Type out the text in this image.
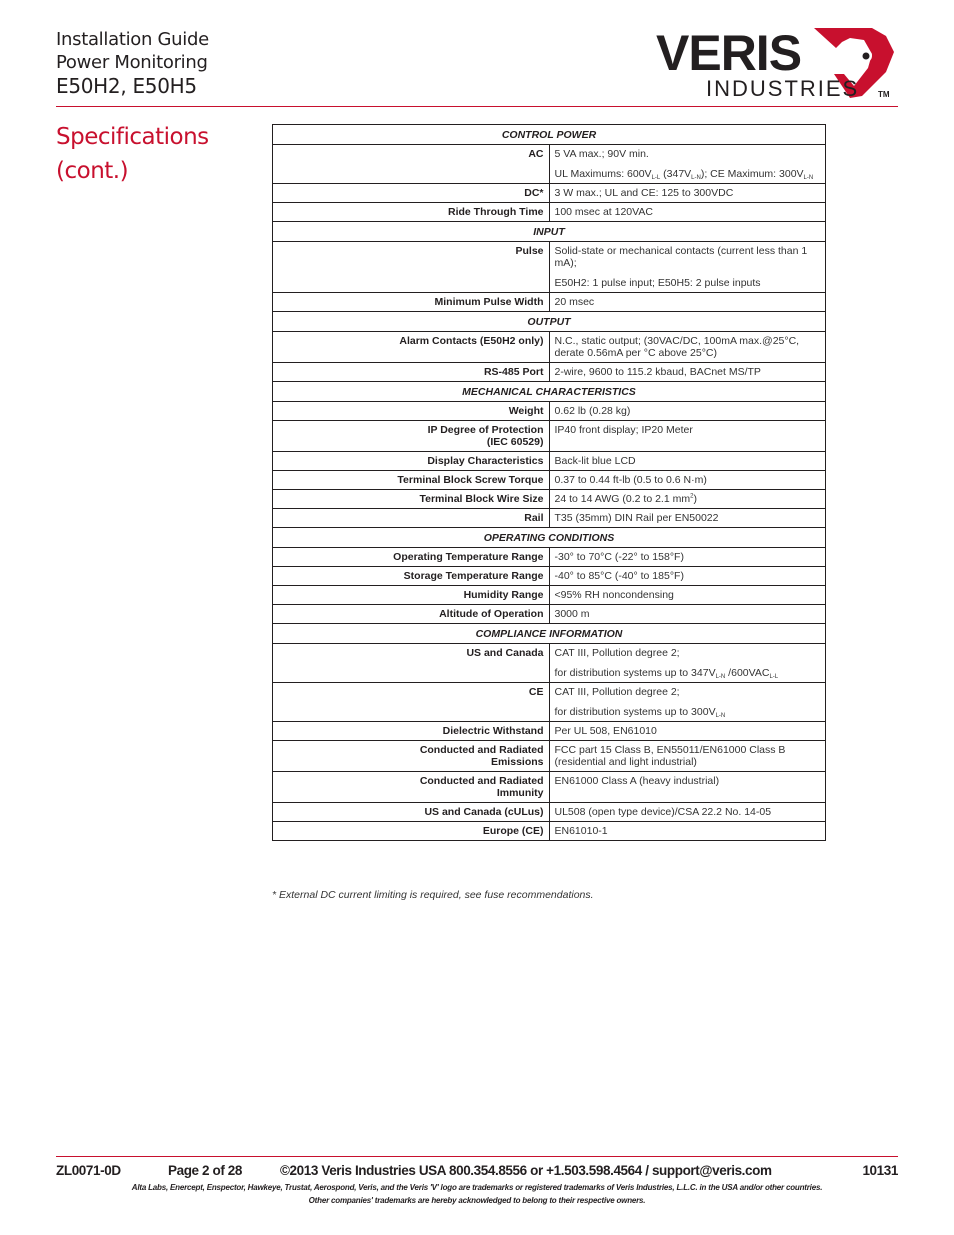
Installation Guide
Power Monitoring
E50H2, E50H5
VERIS
INDUSTRIES TM
Specifications
(cont.)
CONTROL POWER	
AC	5 VA max.; 90V min.
UL Maximums: $600V_{L-L}$ $(347V_{L-N})$; CE Maximum: $300V_{L-N}$

DC*	3 W max.; UL and CE: 125 to 300VDC
Ride Through Time	100 msec at 120VAC
INPUT	
Pulse	Solid-state or mechanical contacts (current less than 1 mA);
E50H2: 1 pulse input; E50H5: 2 pulse inputs

Minimum Pulse Width	20 msec
OUTPUT	
Alarm Contacts (E50H2 only)	N.C., static output; (30VAC/DC, 100mA max.@25°C, derate 0.56mA per °C above 25°C)
RS-485 Port	2-wire, 9600 to 115.2 kbaud, BACnet MS/TP
MECHANICAL CHARACTERISTICS	
Weight	0.62 lb (0.28 kg)
IP Degree of Protection
(IEC 60529)	IP40 front display; IP20 Meter
Display Characteristics	Back-lit blue LCD
Terminal Block Screw Torque	0.37 to 0.44 ft-lb (0.5 to 0.6 N·m)
Terminal Block Wire Size	24 to 14 AWG (0.2 to 2.1 $mm^2$)
Rail	T35 (35mm) DIN Rail per EN50022
OPERATING CONDITIONS	
Operating Temperature Range	-30° to 70°C (-22° to 158°F)
Storage Temperature Range	-40° to 85°C (-40° to 185°F)
Humidity Range	<95% RH noncondensing
Altitude of Operation	3000 m
COMPLIANCE INFORMATION	
US and Canada	CAT III, Pollution degree 2;
for distribution systems up to $347V_{L-N}$ $/600VAC_{L-L}$

CE	CAT III, Pollution degree 2;
for distribution systems up to $300V_{L-N}$

Dielectric Withstand	Per UL 508, EN61010
Conducted and Radiated
Emissions	FCC part 15 Class B, EN55011/EN61000 Class B (residential and light industrial)
Conducted and Radiated
Immunity	EN61000 Class A (heavy industrial)
US and Canada (cULus)	UL508 (open type device)/CSA 22.2 No. 14-05
Europe (CE)	EN61010-1
* External DC current limiting is required, see fuse recommendations.
ZL0071-0D	Page 2 of 28	©2013 Veris Industries USA 800.354.8556 or +1.503.598.4564 / support@veris.com	10131
Alta Labs, Enercept, Enspector, Hawkeye, Trustat, Aerospond, Veris, and the Veris 'V' logo are trademarks or registered trademarks of Veris Industries, L.L.C. in the USA and/or other countries.
Other companies' trademarks are hereby acknowledged to belong to their respective owners.
